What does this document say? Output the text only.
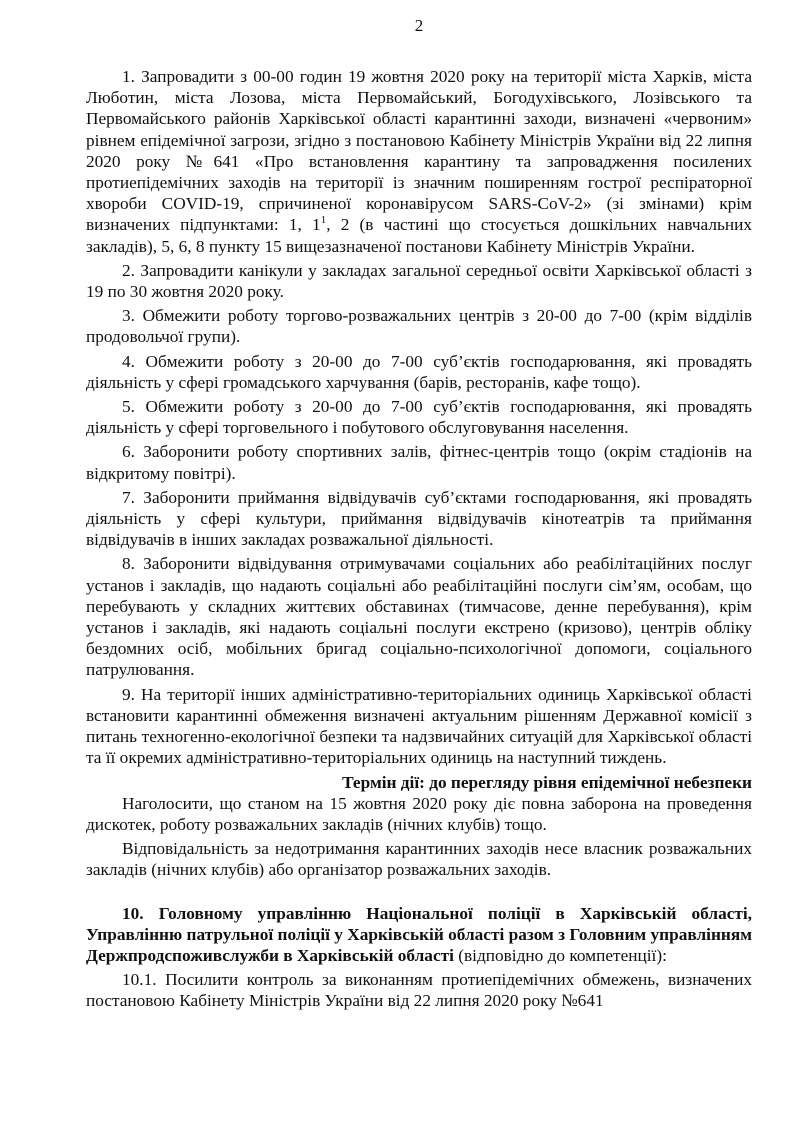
2

1. Запровадити з 00-00 годин 19 жовтня 2020 року на території міста Харків, міста Люботин, міста Лозова, міста Первомайський, Богодухівського, Лозівського та Первомайського районів Харківської області карантинні заходи, визначені «червоним» рівнем епідемічної загрози, згідно з постановою Кабінету Міністрів України від 22 липня 2020 року №641 «Про встановлення карантину та запровадження посилених протиепідемічних заходів на території із значним поширенням гострої респіраторної хвороби COVID-19, спричиненої коронавірусом SARS-CoV-2» (зі змінами) крім визначених підпунктами: 1, $1^1$, 2 (в частині що стосується дошкільних навчальних закладів), 5, 6, 8 пункту 15 вищезазначеної постанови Кабінету Міністрів України.

2. Запровадити канікули у закладах загальної середньої освіти Харківської області з 19 по 30 жовтня 2020 року.

3. Обмежити роботу торгово-розважальних центрів з 20-00 до 7-00 (крім відділів продовольчої групи).

4. Обмежити роботу з 20-00 до 7-00 суб’єктів господарювання, які провадять діяльність у сфері громадського харчування (барів, ресторанів, кафе тощо).

5. Обмежити роботу з 20-00 до 7-00 суб’єктів господарювання, які провадять діяльність у сфері торговельного і побутового обслуговування населення.

6. Заборонити роботу спортивних залів, фітнес-центрів тощо (окрім стадіонів на відкритому повітрі).

7. Заборонити приймання відвідувачів суб’єктами господарювання, які провадять діяльність у сфері культури, приймання відвідувачів кінотеатрів та приймання відвідувачів в інших закладах розважальної діяльності.

8. Заборонити відвідування отримувачами соціальних або реабілітаційних послуг установ і закладів, що надають соціальні або реабілітаційні послуги сім’ям, особам, що перебувають у складних життєвих обставинах (тимчасове, денне перебування), крім установ і закладів, які надають соціальні послуги екстрено (кризово), центрів обліку бездомних осіб, мобільних бригад соціально-психологічної допомоги, соціального патрулювання.

9. На території інших адміністративно-територіальних одиниць Харківської області встановити карантинні обмеження визначені актуальним рішенням Державної комісії з питань техногенно-екологічної безпеки та надзвичайних ситуацій для Харківської області та її окремих адміністративно-територіальних одиниць на наступний тиждень.

Термін дії: до перегляду рівня епідемічної небезпеки

Наголосити, що станом на 15 жовтня 2020 року діє повна заборона на проведення дискотек, роботу розважальних закладів (нічних клубів) тощо.

Відповідальність за недотримання карантинних заходів несе власник розважальних закладів (нічних клубів) або організатор розважальних заходів.

10. Головному управлінню Національної поліції в Харківській області, Управлінню патрульної поліції у Харківській області разом з Головним управлінням Держпродспоживслужби в Харківській області (відповідно до компетенції):

10.1. Посилити контроль за виконанням протиепідемічних обмежень, визначених постановою Кабінету Міністрів України від 22 липня 2020 року №641
